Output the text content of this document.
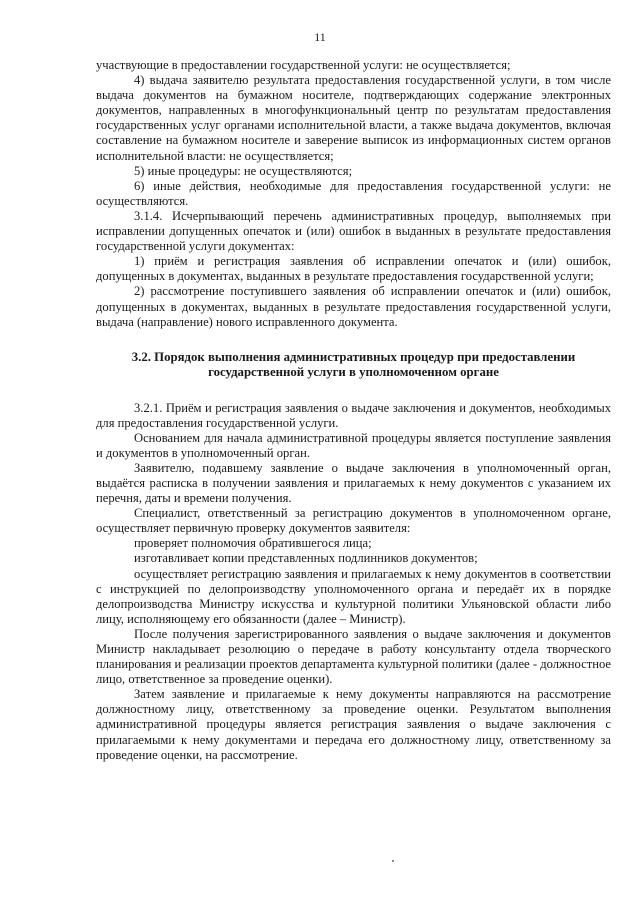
11

участвующие в предоставлении государственной услуги: не осуществляется;

4) выдача заявителю результата предоставления государственной услуги, в том числе выдача документов на бумажном носителе, подтверждающих содержание электронных документов, направленных в многофункциональный центр по результатам предоставления государственных услуг органами исполнительной власти, а также выдача документов, включая составление на бумажном носителе и заверение выписок из информационных систем органов исполнительной власти: не осуществляется;

5) иные процедуры: не осуществляются;

6) иные действия, необходимые для предоставления государственной услуги: не осуществляются.

3.1.4. Исчерпывающий перечень административных процедур, выполняемых при исправлении допущенных опечаток и (или) ошибок в выданных в результате предоставления государственной услуги документах:

1) приём и регистрация заявления об исправлении опечаток и (или) ошибок, допущенных в документах, выданных в результате предоставления государственной услуги;

2) рассмотрение поступившего заявления об исправлении опечаток и (или) ошибок, допущенных в документах, выданных в результате предоставления государственной услуги, выдача (направление) нового исправленного документа.

3.2. Порядок выполнения административных процедур при предоставлении государственной услуги в уполномоченном органе

3.2.1. Приём и регистрация заявления о выдаче заключения и документов, необходимых для предоставления государственной услуги.

Основанием для начала административной процедуры является поступление заявления и документов в уполномоченный орган.

Заявителю, подавшему заявление о выдаче заключения в уполномоченный орган, выдаётся расписка в получении заявления и прилагаемых к нему документов с указанием их перечня, даты и времени получения.

Специалист, ответственный за регистрацию документов в уполномоченном органе, осуществляет первичную проверку документов заявителя:

проверяет полномочия обратившегося лица;

изготавливает копии представленных подлинников документов;

осуществляет регистрацию заявления и прилагаемых к нему документов в соответствии с инструкцией по делопроизводству уполномоченного органа и передаёт их в порядке делопроизводства Министру искусства и культурной политики Ульяновской области либо лицу, исполняющему его обязанности (далее – Министр).

После получения зарегистрированного заявления о выдаче заключения и документов Министр накладывает резолюцию о передаче в работу консультанту отдела творческого планирования и реализации проектов департамента культурной политики (далее - должностное лицо, ответственное за проведение оценки).

Затем заявление и прилагаемые к нему документы направляются на рассмотрение должностному лицу, ответственному за проведение оценки. Результатом выполнения административной процедуры является регистрация заявления о выдаче заключения с прилагаемыми к нему документами и передача его должностному лицу, ответственному за проведение оценки, на рассмотрение.
